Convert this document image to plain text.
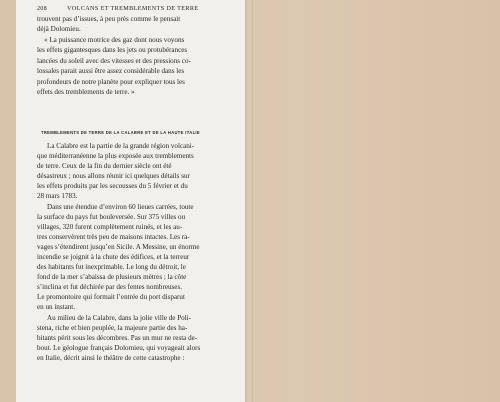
208	VOLCANS ET TREMBLEMENTS DE TERRE
trouvent pas d’issues, à peu près comme le pensait
déjà Dolomieu.
« La puissance motrice des gaz dont nous voyons
les effets gigantesques dans les jets ou protubérances
lancées du soleil avec des vitesses et des pressions co-
lossales parait aussi être assez considérable dans les
profondeurs de notre planète pour expliquer tous les
effets des tremblements de terre. »
TREMBLEMENTS DE TERRE DE LA CALABRE ET DE LA HAUTE ITALIE
La Calabre est la partie de la grande région volcani-
que méditerranéenne la plus exposée aux tremblements
de terre. Ceux de la fin du dernier siècle ont été
désastreux ; nous allons réunir ici quelques détails sur
les effets produits par les secousses du 5 février et du
28 mars 1783.
Dans une étendue d’environ 60 lieues carrées, toute
la surface du pays fut bouleversée. Sur 375 villes ou
villages, 320 furent complètement ruinés, et les au-
tres conservèrent très peu de maisons intactes. Les ra-
vages s’étendirent jusqu’en Sicile. A Messine, un énorme
incendie se joignit à la chute des édifices, et la terreur
des habitants fut inexprimable. Le long du détroit, le
fond de la mer s’abaissa de plusieurs mètres ; la côte
s’inclina et fut déchirée par des fentes nombreuses.
Le promontoire qui formait l’entrée du port disparut
en un instant.
Au milieu de la Calabre, dans la jolie ville de Poli-
stena, riche et bien peuplée, la majeure partie des ha-
bitants périt sous les décombres. Pas un mur ne resta de-
bout. Le géologue français Dolomieu, qui voyageait alors
en Italie, décrit ainsi le théâtre de cette catastrophe :
